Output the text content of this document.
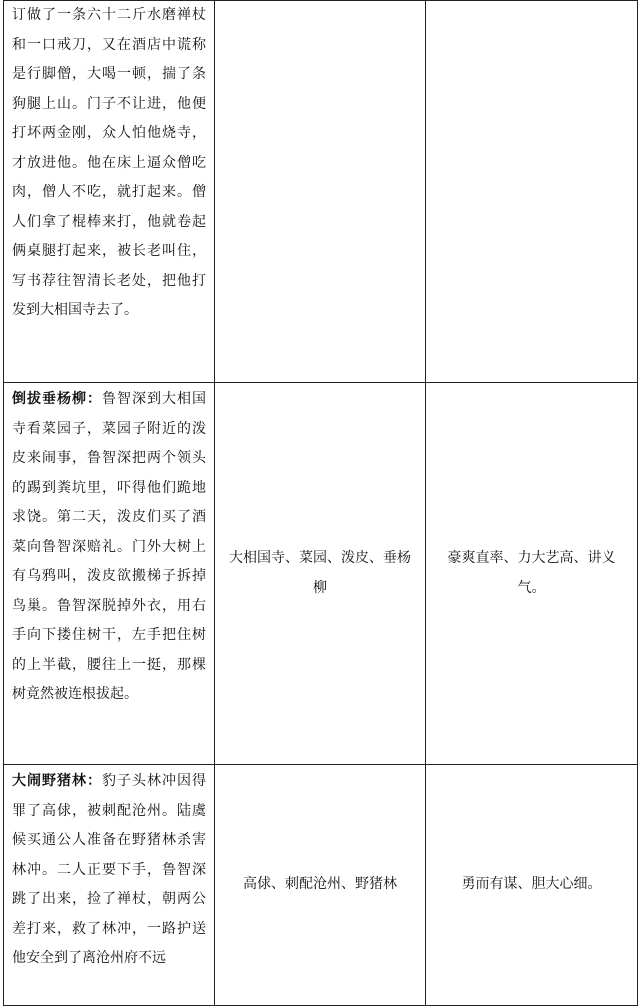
订做了一条六十二斤水磨禅杖和一口戒刀，又在酒店中谎称是行脚僧，大喝一顿，揣了条狗腿上山。门子不让进，他便打坏两金刚，众人怕他烧寺，才放进他。他在床上逼众僧吃肉，僧人不吃，就打起来。僧人们拿了棍棒来打，他就卷起俩桌腿打起来，被长老叫住，写书荐往智清长老处，把他打发到大相国寺去了。		
倒拔垂杨柳：鲁智深到大相国寺看菜园子，菜园子附近的泼皮来闹事，鲁智深把两个领头的踢到粪坑里，吓得他们跪地求饶。第二天，泼皮们买了酒菜向鲁智深赔礼。门外大树上有乌鸦叫，泼皮欲搬梯子拆掉鸟巢。鲁智深脱掉外衣，用右手向下搂住树干，左手把住树的上半截，腰往上一挺，那棵树竟然被连根拔起。	大相国寺、菜园、泼皮、垂杨柳	豪爽直率、力大艺高、讲义气。
大闹野猪林：豹子头林冲因得罪了高俅，被刺配沧州。陆虞候买通公人准备在野猪林杀害林冲。二人正要下手，鲁智深跳了出来，捡了禅杖，朝两公差打来，救了林冲，一路护送他安全到了离沧州府不远	高俅、刺配沧州、野猪林	勇而有谋、胆大心细。
